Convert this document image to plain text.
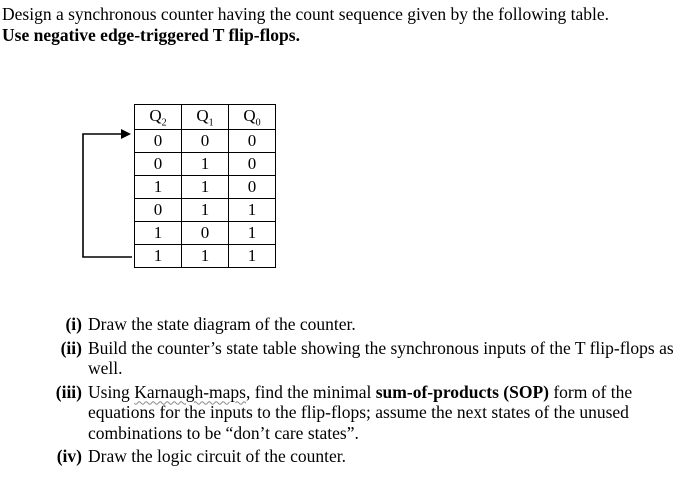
Design a synchronous counter having the count sequence given by the following table.
Use negative edge-triggered T flip-flops.
$Q_2$	$Q_1$	$Q_0$
0	0	0
0	1	0
1	1	0
0	1	1
1	0	1
1	1	1
(i) Draw the state diagram of the counter.
(ii) Build the counter’s state table showing the synchronous inputs of the T flip-flops as well.
(iii) Using Karnaugh-maps, find the minimal sum-of-products (SOP) form of the equations for the inputs to the flip-flops; assume the next states of the unused combinations to be “don’t care states”.
(iv) Draw the logic circuit of the counter.
